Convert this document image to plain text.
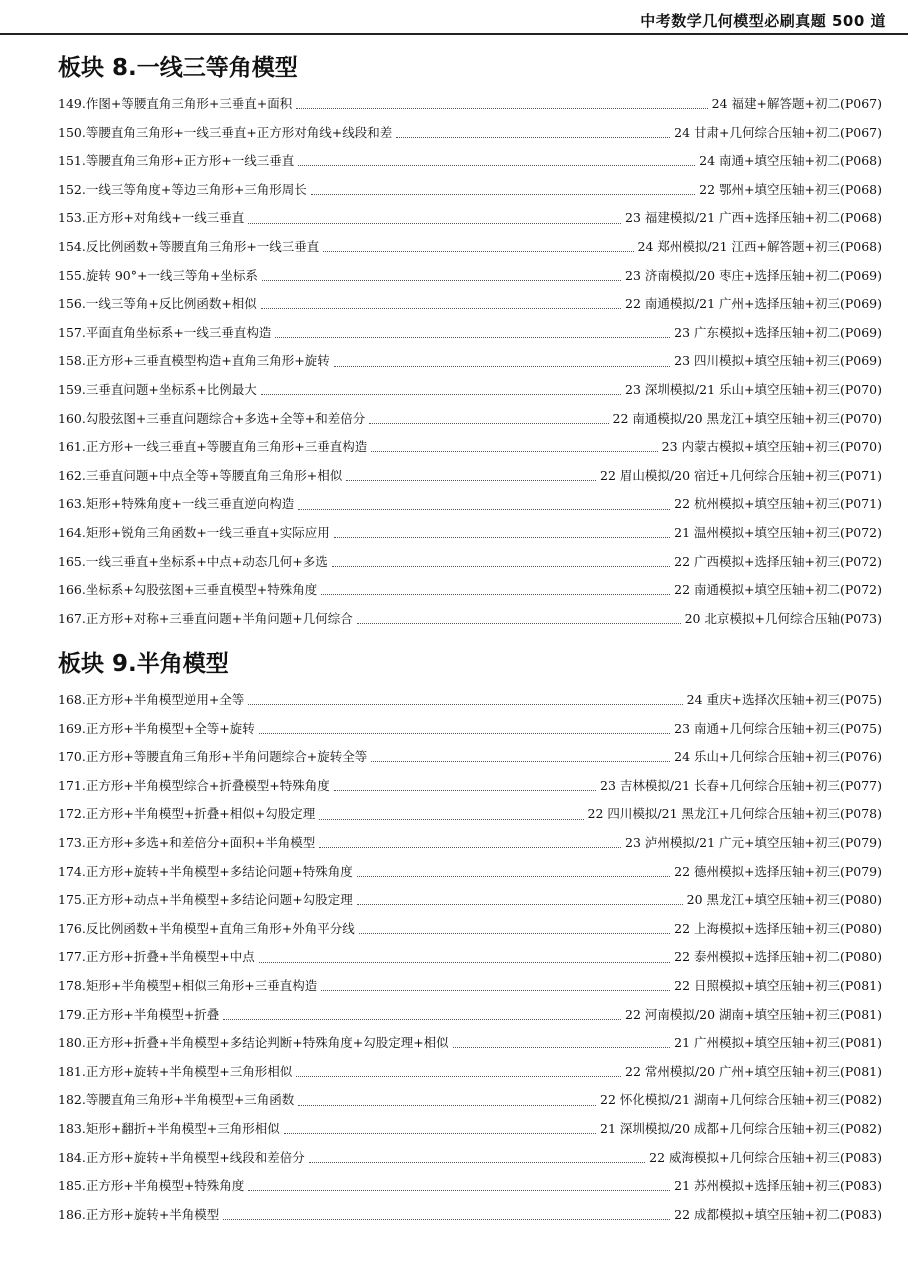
中考数学几何模型必刷真题 500 道
板块 8.一线三等角模型
149. 作图+等腰直角三角形+三垂直+面积	24 福建+解答题+初二 (P067)
150. 等腰直角三角形+一线三垂直+正方形对角线+线段和差	24 甘肃+几何综合压轴+初二 (P067)
151. 等腰直角三角形+正方形+一线三垂直	24 南通+填空压轴+初二 (P068)
152. 一线三等角度+等边三角形+三角形周长	22 鄂州+填空压轴+初三 (P068)
153. 正方形+对角线+一线三垂直	23 福建模拟/21 广西+选择压轴+初二 (P068)
154. 反比例函数+等腰直角三角形+一线三垂直	24 郑州模拟/21 江西+解答题+初三 (P068)
155. 旋转 90°+一线三等角+坐标系	23 济南模拟/20 枣庄+选择压轴+初二 (P069)
156. 一线三等角+反比例函数+相似	22 南通模拟/21 广州+选择压轴+初三 (P069)
157. 平面直角坐标系+一线三垂直构造	23 广东模拟+选择压轴+初二 (P069)
158. 正方形+三垂直模型构造+直角三角形+旋转	23 四川模拟+填空压轴+初三 (P069)
159. 三垂直问题+坐标系+比例最大	23 深圳模拟/21 乐山+填空压轴+初三 (P070)
160. 勾股弦图+三垂直问题综合+多选+全等+和差倍分	22 南通模拟/20 黑龙江+填空压轴+初三 (P070)
161. 正方形+一线三垂直+等腰直角三角形+三垂直构造	23 内蒙古模拟+填空压轴+初三 (P070)
162. 三垂直问题+中点全等+等腰直角三角形+相似	22 眉山模拟/20 宿迁+几何综合压轴+初三 (P071)
163. 矩形+特殊角度+一线三垂直逆向构造	22 杭州模拟+填空压轴+初三 (P071)
164. 矩形+锐角三角函数+一线三垂直+实际应用	21 温州模拟+填空压轴+初三 (P072)
165. 一线三垂直+坐标系+中点+动态几何+多选	22 广西模拟+选择压轴+初三 (P072)
166. 坐标系+勾股弦图+三垂直模型+特殊角度	22 南通模拟+填空压轴+初二 (P072)
167. 正方形+对称+三垂直问题+半角问题+几何综合	20 北京模拟+几何综合压轴 (P073)
板块 9.半角模型
168. 正方形+半角模型逆用+全等	24 重庆+选择次压轴+初三 (P075)
169. 正方形+半角模型+全等+旋转	23 南通+几何综合压轴+初三 (P075)
170. 正方形+等腰直角三角形+半角问题综合+旋转全等	24 乐山+几何综合压轴+初三 (P076)
171. 正方形+半角模型综合+折叠模型+特殊角度	23 吉林模拟/21 长春+几何综合压轴+初三 (P077)
172. 正方形+半角模型+折叠+相似+勾股定理	22 四川模拟/21 黑龙江+几何综合压轴+初三 (P078)
173. 正方形+多选+和差倍分+面积+半角模型	23 泸州模拟/21 广元+填空压轴+初三 (P079)
174. 正方形+旋转+半角模型+多结论问题+特殊角度	22 德州模拟+选择压轴+初三 (P079)
175. 正方形+动点+半角模型+多结论问题+勾股定理	20 黑龙江+填空压轴+初三 (P080)
176. 反比例函数+半角模型+直角三角形+外角平分线	22 上海模拟+选择压轴+初三 (P080)
177. 正方形+折叠+半角模型+中点	22 泰州模拟+选择压轴+初二 (P080)
178. 矩形+半角模型+相似三角形+三垂直构造	22 日照模拟+填空压轴+初三 (P081)
179. 正方形+半角模型+折叠	22 河南模拟/20 湖南+填空压轴+初三 (P081)
180. 正方形+折叠+半角模型+多结论判断+特殊角度+勾股定理+相似	21 广州模拟+填空压轴+初三 (P081)
181. 正方形+旋转+半角模型+三角形相似	22 常州模拟/20 广州+填空压轴+初三 (P081)
182. 等腰直角三角形+半角模型+三角函数	22 怀化模拟/21 湖南+几何综合压轴+初三 (P082)
183. 矩形+翻折+半角模型+三角形相似	21 深圳模拟/20 成都+几何综合压轴+初三 (P082)
184. 正方形+旋转+半角模型+线段和差倍分	22 威海模拟+几何综合压轴+初三 (P083)
185. 正方形+半角模型+特殊角度	21 苏州模拟+选择压轴+初三 (P083)
186. 正方形+旋转+半角模型	22 成都模拟+填空压轴+初二 (P083)
